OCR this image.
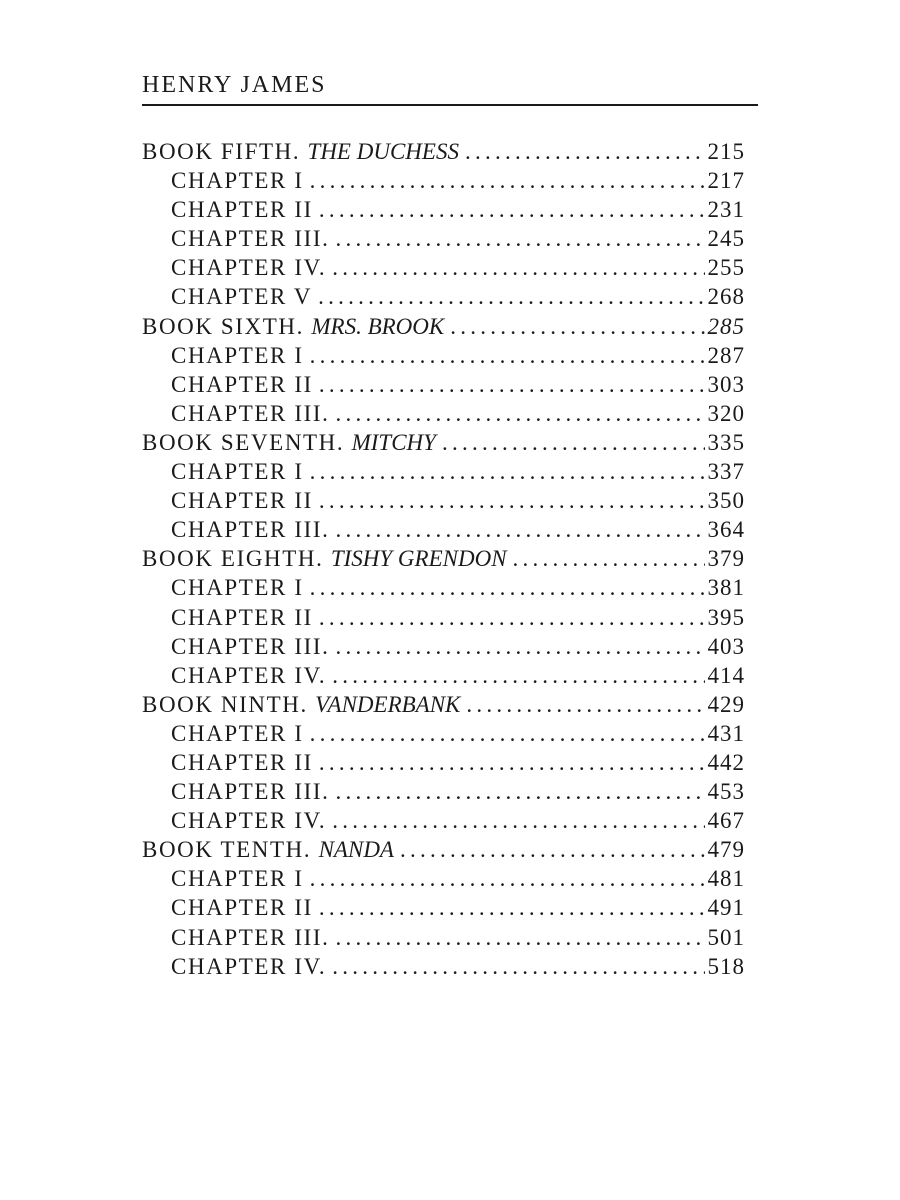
HENRY JAMES
BOOK FIFTH. THE DUCHESS . . .	215
CHAPTER I . . .	217
CHAPTER II . . .	231
CHAPTER III. . . .	245
CHAPTER IV. . . .	255
CHAPTER V . . .	268
BOOK SIXTH. MRS. BROOK . . .	285
CHAPTER I . . .	287
CHAPTER II . . .	303
CHAPTER III. . . .	320
BOOK SEVENTH. MITCHY . . .	335
CHAPTER I . . .	337
CHAPTER II . . .	350
CHAPTER III. . . .	364
BOOK EIGHTH. TISHY GRENDON . . .	379
CHAPTER I . . .	381
CHAPTER II . . .	395
CHAPTER III. . . .	403
CHAPTER IV. . . .	414
BOOK NINTH. VANDERBANK . . .	429
CHAPTER I . . .	431
CHAPTER II . . .	442
CHAPTER III. . . .	453
CHAPTER IV. . . .	467
BOOK TENTH. NANDA . . .	479
CHAPTER I . . .	481
CHAPTER II . . .	491
CHAPTER III. . . .	501
CHAPTER IV. . . .	518
